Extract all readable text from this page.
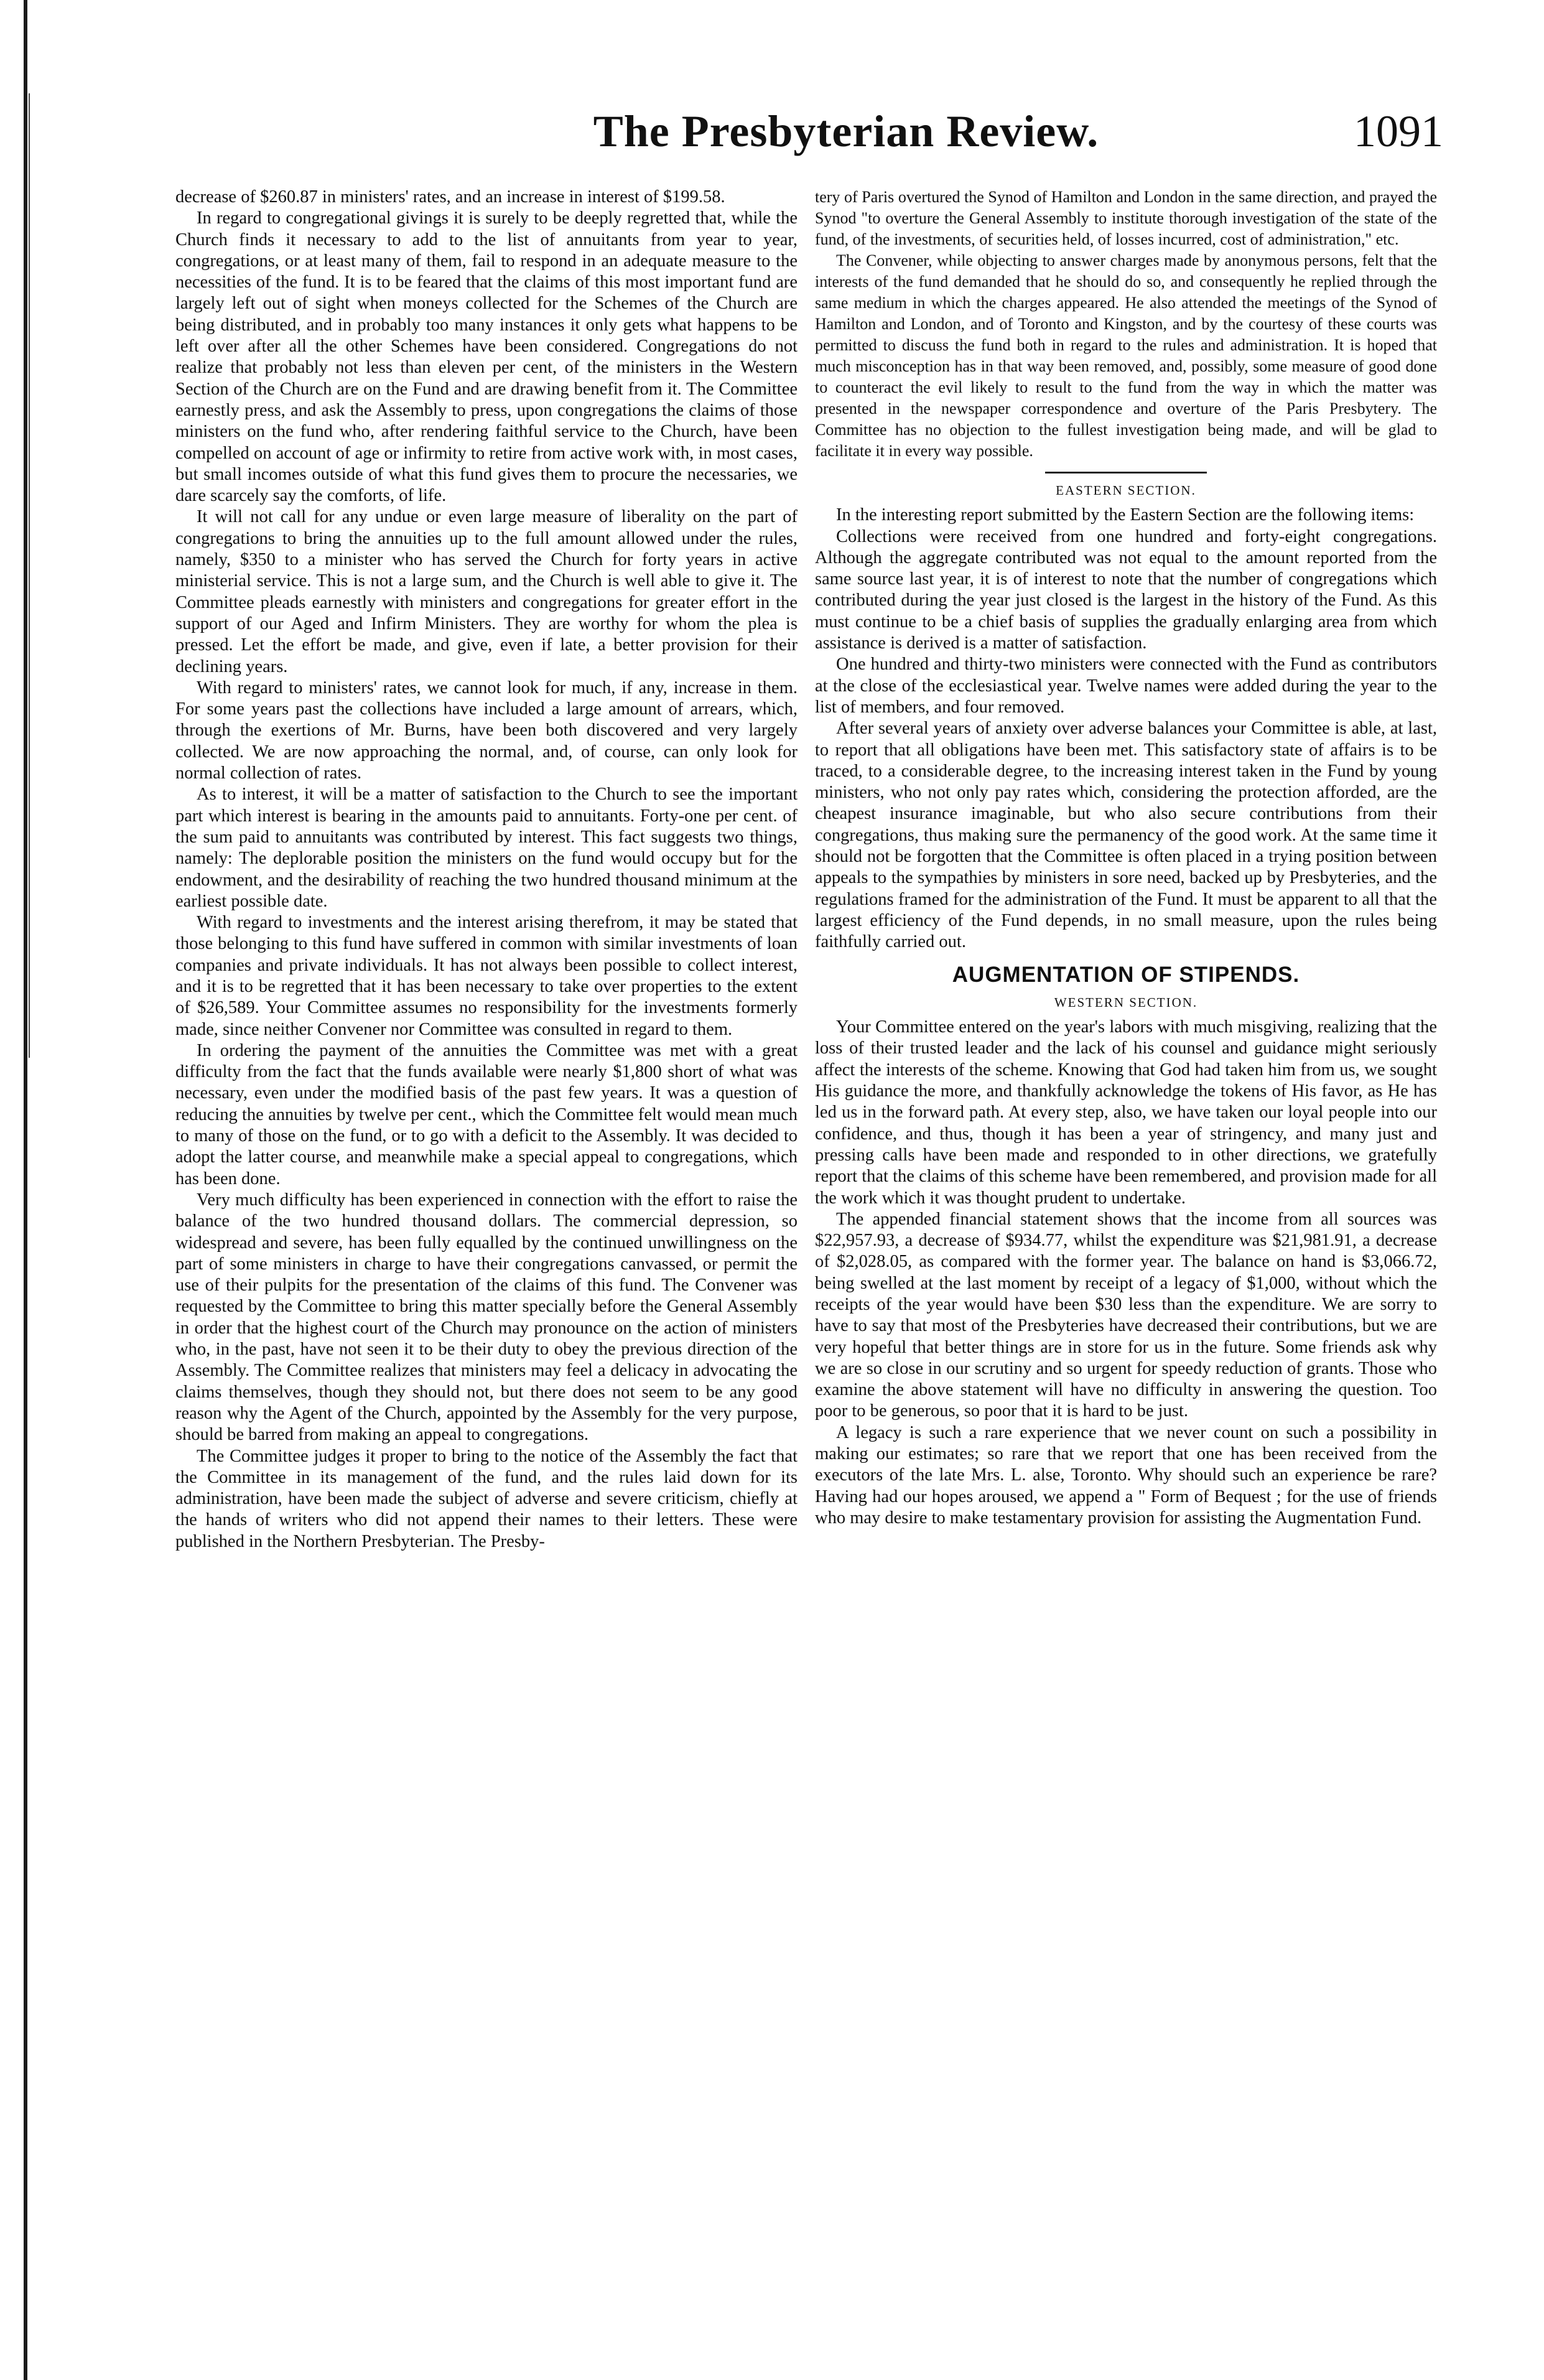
The Presbyterian Review.	1091

decrease of $260.87 in ministers' rates, and an increase in interest of $199.58.

In regard to congregational givings it is surely to be deeply regretted that, while the Church finds it necessary to add to the list of annuitants from year to year, congregations, or at least many of them, fail to respond in an adequate measure to the necessities of the fund. It is to be feared that the claims of this most important fund are largely left out of sight when moneys collected for the Schemes of the Church are being distributed, and in probably too many instances it only gets what happens to be left over after all the other Schemes have been considered. Congregations do not realize that probably not less than eleven per cent, of the ministers in the Western Section of the Church are on the Fund and are drawing benefit from it. The Committee earnestly press, and ask the Assembly to press, upon congregations the claims of those ministers on the fund who, after rendering faithful service to the Church, have been compelled on account of age or infirmity to retire from active work with, in most cases, but small incomes outside of what this fund gives them to procure the necessaries, we dare scarcely say the comforts, of life.

It will not call for any undue or even large measure of liberality on the part of congregations to bring the annuities up to the full amount allowed under the rules, namely, $350 to a minister who has served the Church for forty years in active ministerial service. This is not a large sum, and the Church is well able to give it. The Committee pleads earnestly with ministers and congregations for greater effort in the support of our Aged and Infirm Ministers. They are worthy for whom the plea is pressed. Let the effort be made, and give, even if late, a better provision for their declining years.

With regard to ministers' rates, we cannot look for much, if any, increase in them. For some years past the collections have included a large amount of arrears, which, through the exertions of Mr. Burns, have been both discovered and very largely collected. We are now approaching the normal, and, of course, can only look for normal collection of rates.

As to interest, it will be a matter of satisfaction to the Church to see the important part which interest is bearing in the amounts paid to annuitants. Forty-one per cent. of the sum paid to annuitants was contributed by interest. This fact suggests two things, namely: The deplorable position the ministers on the fund would occupy but for the endowment, and the desirability of reaching the two hundred thousand minimum at the earliest possible date.

With regard to investments and the interest arising therefrom, it may be stated that those belonging to this fund have suffered in common with similar investments of loan companies and private individuals. It has not always been possible to collect interest, and it is to be regretted that it has been necessary to take over properties to the extent of $26,589. Your Committee assumes no responsibility for the investments formerly made, since neither Convener nor Committee was consulted in regard to them.

In ordering the payment of the annuities the Committee was met with a great difficulty from the fact that the funds available were nearly $1,800 short of what was necessary, even under the modified basis of the past few years. It was a question of reducing the annuities by twelve per cent., which the Committee felt would mean much to many of those on the fund, or to go with a deficit to the Assembly. It was decided to adopt the latter course, and meanwhile make a special appeal to congregations, which has been done.

Very much difficulty has been experienced in connection with the effort to raise the balance of the two hundred thousand dollars. The commercial depression, so widespread and severe, has been fully equalled by the continued unwillingness on the part of some ministers in charge to have their congregations canvassed, or permit the use of their pulpits for the presentation of the claims of this fund. The Convener was requested by the Committee to bring this matter specially before the General Assembly in order that the highest court of the Church may pronounce on the action of ministers who, in the past, have not seen it to be their duty to obey the previous direction of the Assembly. The Committee realizes that ministers may feel a delicacy in advocating the claims themselves, though they should not, but there does not seem to be any good reason why the Agent of the Church, appointed by the Assembly for the very purpose, should be barred from making an appeal to congregations.

The Committee judges it proper to bring to the notice of the Assembly the fact that the Committee in its management of the fund, and the rules laid down for its administration, have been made the subject of adverse and severe criticism, chiefly at the hands of writers who did not append their names to their letters. These were published in the Northern Presbyterian. The Presby-

tery of Paris overtured the Synod of Hamilton and London in the same direction, and prayed the Synod "to overture the General Assembly to institute thorough investigation of the state of the fund, of the investments, of securities held, of losses incurred, cost of administration," etc.

The Convener, while objecting to answer charges made by anonymous persons, felt that the interests of the fund demanded that he should do so, and consequently he replied through the same medium in which the charges appeared. He also attended the meetings of the Synod of Hamilton and London, and of Toronto and Kingston, and by the courtesy of these courts was permitted to discuss the fund both in regard to the rules and administration. It is hoped that much misconception has in that way been removed, and, possibly, some measure of good done to counteract the evil likely to result to the fund from the way in which the matter was presented in the newspaper correspondence and overture of the Paris Presbytery. The Committee has no objection to the fullest investigation being made, and will be glad to facilitate it in every way possible.

EASTERN SECTION.

In the interesting report submitted by the Eastern Section are the following items:

Collections were received from one hundred and forty-eight congregations. Although the aggregate contributed was not equal to the amount reported from the same source last year, it is of interest to note that the number of congregations which contributed during the year just closed is the largest in the history of the Fund. As this must continue to be a chief basis of supplies the gradually enlarging area from which assistance is derived is a matter of satisfaction.

One hundred and thirty-two ministers were connected with the Fund as contributors at the close of the ecclesiastical year. Twelve names were added during the year to the list of members, and four removed.

After several years of anxiety over adverse balances your Committee is able, at last, to report that all obligations have been met. This satisfactory state of affairs is to be traced, to a considerable degree, to the increasing interest taken in the Fund by young ministers, who not only pay rates which, considering the protection afforded, are the cheapest insurance imaginable, but who also secure contributions from their congregations, thus making sure the permanency of the good work. At the same time it should not be forgotten that the Committee is often placed in a trying position between appeals to the sympathies by ministers in sore need, backed up by Presbyteries, and the regulations framed for the administration of the Fund. It must be apparent to all that the largest efficiency of the Fund depends, in no small measure, upon the rules being faithfully carried out.

AUGMENTATION OF STIPENDS.
WESTERN SECTION.

Your Committee entered on the year's labors with much misgiving, realizing that the loss of their trusted leader and the lack of his counsel and guidance might seriously affect the interests of the scheme. Knowing that God had taken him from us, we sought His guidance the more, and thankfully acknowledge the tokens of His favor, as He has led us in the forward path. At every step, also, we have taken our loyal people into our confidence, and thus, though it has been a year of stringency, and many just and pressing calls have been made and responded to in other directions, we gratefully report that the claims of this scheme have been remembered, and provision made for all the work which it was thought prudent to undertake.

The appended financial statement shows that the income from all sources was $22,957.93, a decrease of $934.77, whilst the expenditure was $21,981.91, a decrease of $2,028.05, as compared with the former year. The balance on hand is $3,066.72, being swelled at the last moment by receipt of a legacy of $1,000, without which the receipts of the year would have been $30 less than the expenditure. We are sorry to have to say that most of the Presbyteries have decreased their contributions, but we are very hopeful that better things are in store for us in the future. Some friends ask why we are so close in our scrutiny and so urgent for speedy reduction of grants. Those who examine the above statement will have no difficulty in answering the question. Too poor to be generous, so poor that it is hard to be just.

A legacy is such a rare experience that we never count on such a possibility in making our estimates; so rare that we report that one has been received from the executors of the late Mrs. L. alse, Toronto. Why should such an experience be rare? Having had our hopes aroused, we append a " Form of Bequest ; for the use of friends who may desire to make testamentary provision for assisting the Augmentation Fund.
